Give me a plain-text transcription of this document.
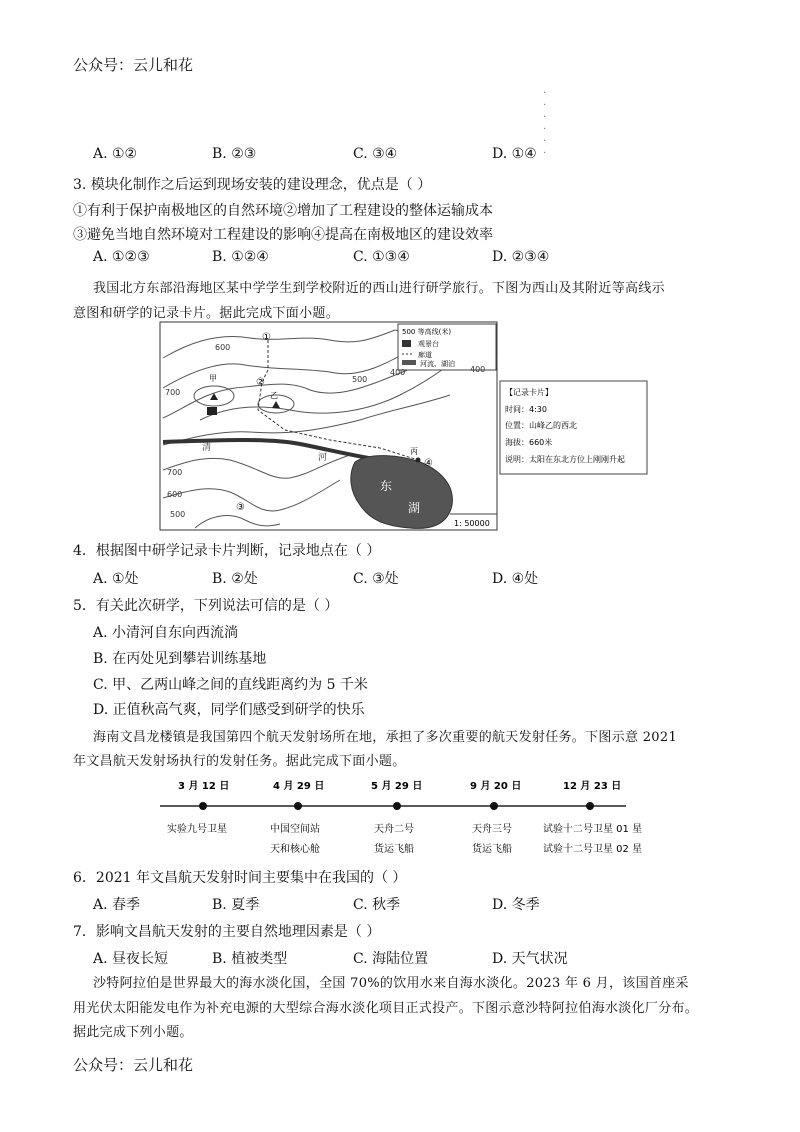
公众号：云儿和花
·
·
·
·
·
·
A. ①②	B. ②③	C. ③④	D. ①④
3. 模块化制作之后运到现场安装的建设理念，优点是（ ）
①有利于保护南极地区的自然环境②增加了工程建设的整体运输成本
③避免当地自然环境对工程建设的影响④提高在南极地区的建设效率
A. ①②③	B. ①②④	C. ①③④	D. ②③④
我国北方东部沿海地区某中学学生到学校附近的西山进行研学旅行。下图为西山及其附近等高线示
意图和研学的记录卡片。据此完成下面小题。
500 等高线(米)
观景台
廊道
河流、湖泊
600
700
700
600
500
500
400	400
①
②
③
④
甲
乙
丙
清
河
东
湖
1: 50000
【记录卡片】
时间：4:30
位置：山峰乙的西北
海拔：660米
说明：太阳在东北方位上刚刚升起
4．根据图中研学记录卡片判断，记录地点在（ ）
A. ①处	B. ②处	C. ③处	D. ④处
5．有关此次研学，下列说法可信的是（ ）
A. 小清河自东向西流淌
B. 在丙处见到攀岩训练基地
C. 甲、乙两山峰之间的直线距离约为 5 千米
D. 正值秋高气爽，同学们感受到研学的快乐
海南文昌龙楼镇是我国第四个航天发射场所在地，承担了多次重要的航天发射任务。下图示意 2021
年文昌航天发射场执行的发射任务。据此完成下面小题。
3 月 12 日	4 月 29 日	5 月 29 日	9 月 20 日	12 月 23 日
实验九号卫星	中国空间站
天和核心舱
天舟二号
货运飞船
天舟三号
货运飞船
试验十二号卫星 01 星
试验十二号卫星 02 星
6．2021 年文昌航天发射时间主要集中在我国的（ ）
A. 春季	B. 夏季	C. 秋季	D. 冬季
7．影响文昌航天发射的主要自然地理因素是（ ）
A. 昼夜长短	B. 植被类型	C. 海陆位置	D. 天气状况
沙特阿拉伯是世界最大的海水淡化国，全国 70%的饮用水来自海水淡化。2023 年 6 月，该国首座采
用光伏太阳能发电作为补充电源的大型综合海水淡化项目正式投产。下图示意沙特阿拉伯海水淡化厂分布。
据此完成下列小题。
公众号：云儿和花
